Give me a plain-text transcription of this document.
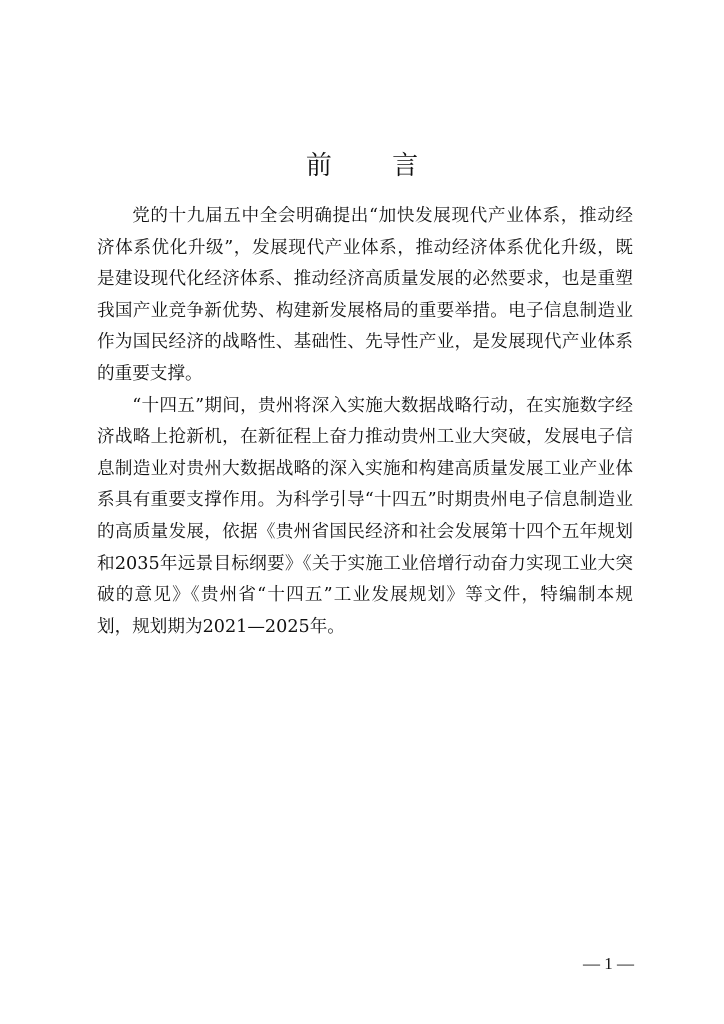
前 言

党的十九届五中全会明确提出“加快发展现代产业体系，推动经济体系优化升级”，发展现代产业体系，推动经济体系优化升级，既是建设现代化经济体系、推动经济高质量发展的必然要求，也是重塑我国产业竞争新优势、构建新发展格局的重要举措。电子信息制造业作为国民经济的战略性、基础性、先导性产业，是发展现代产业体系的重要支撑。

“十四五”期间，贵州将深入实施大数据战略行动，在实施数字经济战略上抢新机，在新征程上奋力推动贵州工业大突破，发展电子信息制造业对贵州大数据战略的深入实施和构建高质量发展工业产业体系具有重要支撑作用。为科学引导“十四五”时期贵州电子信息制造业的高质量发展，依据《贵州省国民经济和社会发展第十四个五年规划和2035年远景目标纲要》《关于实施工业倍增行动奋力实现工业大突破的意见》《贵州省“十四五”工业发展规划》等文件，特编制本规划，规划期为2021—2025年。

— 1 —
